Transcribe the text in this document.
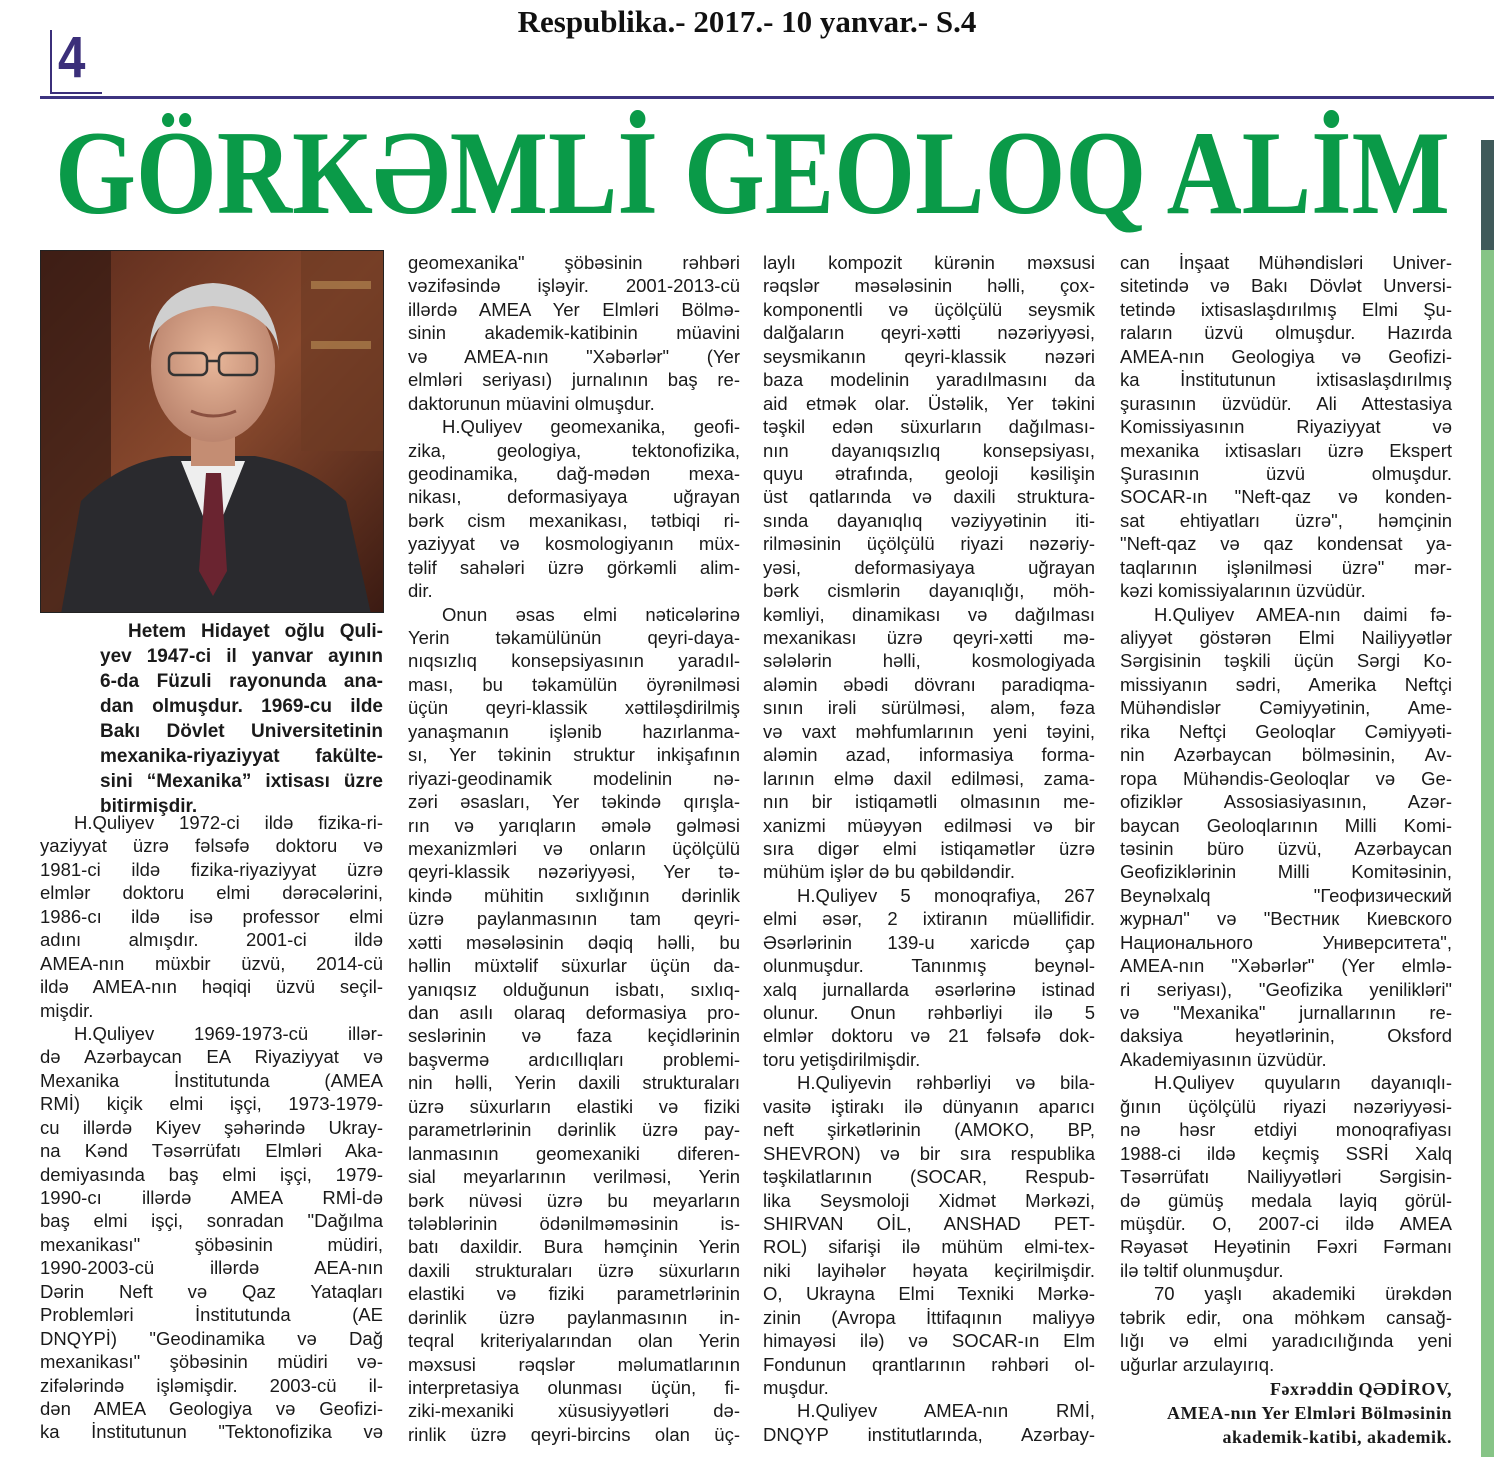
Respublika.- 2017.- 10 yanvar.- S.4
4
GÖRKƏMLİ GEOLOQ ALİM
Hetem Hidayet oğlu Quli-
yev 1947-ci il yanvar ayının
6-da Füzuli rayonunda ana-
dan olmuşdur. 1969-cu ilde
Bakı Dövlet Universitetinin
mexanika-riyaziyyat fakülte-
sini “Mexanika” ixtisası üzre
bitirmişdir.
H.Quliyev 1972-ci ildə fizika-ri-
yaziyyat üzrə fəlsəfə doktoru və
1981-ci ildə fizika-riyaziyyat üzrə
elmlər doktoru elmi dərəcələrini,
1986-cı ildə isə professor elmi
adını almışdır. 2001-ci ildə
AMEA-nın müxbir üzvü, 2014-cü
ildə AMEA-nın həqiqi üzvü seçil-
mişdir.
H.Quliyev 1969-1973-cü illər-
də Azərbaycan EA Riyaziyyat və
Mexanika İnstitutunda (AMEA
RMİ) kiçik elmi işçi, 1973-1979-
cu illərdə Kiyev şəhərində Ukray-
na Kənd Təsərrüfatı Elmləri Aka-
demiyasında baş elmi işçi, 1979-
1990-cı illərdə AMEA RMİ-də
baş elmi işçi, sonradan "Dağılma
mexanikası" şöbəsinin müdiri,
1990-2003-cü illərdə AEA-nın
Dərin Neft və Qaz Yataqları
Problemləri İnstitutunda (AE
DNQYPİ) "Geodinamika və Dağ
mexanikası" şöbəsinin müdiri və-
zifələrində işləmişdir. 2003-cü il-
dən AMEA Geologiya və Geofizi-
ka İnstitutunun "Tektonofizika və
geomexanika" şöbəsinin rəhbəri
vəzifəsində işləyir. 2001-2013-cü
illərdə AMEA Yer Elmləri Bölmə-
sinin akademik-katibinin müavini
və AMEA-nın "Xəbərlər" (Yer
elmləri seriyası) jurnalının baş re-
daktorunun müavini olmuşdur.
H.Quliyev geomexanika, geofi-
zika, geologiya, tektonofizika,
geodinamika, dağ-mədən mexa-
nikası, deformasiyaya uğrayan
bərk cism mexanikası, tətbiqi ri-
yaziyyat və kosmologiyanın müx-
təlif sahələri üzrə görkəmli alim-
dir.
Onun əsas elmi nəticələrinə
Yerin təkamülünün qeyri-daya-
nıqsızlıq konsepsiyasının yaradıl-
ması, bu təkamülün öyrənilməsi
üçün qeyri-klassik xəttiləşdirilmiş
yanaşmanın işlənib hazırlanma-
sı, Yer təkinin struktur inkişafının
riyazi-geodinamik modelinin nə-
zəri əsasları, Yer təkində qırışla-
rın və yarıqların əmələ gəlməsi
mexanizmləri və onların üçölçülü
qeyri-klassik nəzəriyyəsi, Yer tə-
kində mühitin sıxlığının dərinlik
üzrə paylanmasının tam qeyri-
xətti məsələsinin dəqiq həlli, bu
həllin müxtəlif süxurlar üçün da-
yanıqsız olduğunun isbatı, sıxlıq-
dan asılı olaraq deformasiya pro-
seslərinin və faza keçidlərinin
başvermə ardıcıllıqları problemi-
nin həlli, Yerin daxili strukturaları
üzrə süxurların elastiki və fiziki
parametrlərinin dərinlik üzrə pay-
lanmasının geomexaniki diferen-
sial meyarlarının verilməsi, Yerin
bərk nüvəsi üzrə bu meyarların
tələblərinin ödənilməməsinin is-
batı daxildir. Bura həmçinin Yerin
daxili strukturaları üzrə süxurların
elastiki və fiziki parametrlərinin
dərinlik üzrə paylanmasının in-
teqral kriteriyalarından olan Yerin
məxsusi rəqslər məlumatlarının
interpretasiya olunması üçün, fi-
ziki-mexaniki xüsusiyyətləri də-
rinlik üzrə qeyri-bircins olan üç-
laylı kompozit kürənin məxsusi
rəqslər məsələsinin həlli, çox-
komponentli və üçölçülü seysmik
dalğaların qeyri-xətti nəzəriyyəsi,
seysmikanın qeyri-klassik nəzəri
baza modelinin yaradılmasını da
aid etmək olar. Üstəlik, Yer təkini
təşkil edən süxurların dağılması-
nın dayanıqsızlıq konsepsiyası,
quyu ətrafında, geoloji kəsilişin
üst qatlarında və daxili struktura-
sında dayanıqlıq vəziyyətinin iti-
rilməsinin üçölçülü riyazi nəzəriy-
yəsi, deformasiyaya uğrayan
bərk cismlərin dayanıqlığı, möh-
kəmliyi, dinamikası və dağılması
mexanikası üzrə qeyri-xətti mə-
sələlərin həlli, kosmologiyada
aləmin əbədi dövranı paradiqma-
sının irəli sürülməsi, aləm, fəza
və vaxt məhfumlarının yeni təyini,
aləmin azad, informasiya forma-
larının elmə daxil edilməsi, zama-
nın bir istiqamətli olmasının me-
xanizmi müəyyən edilməsi və bir
sıra digər elmi istiqamətlər üzrə
mühüm işlər də bu qəbildəndir.
H.Quliyev 5 monoqrafiya, 267
elmi əsər, 2 ixtiranın müəllifidir.
Əsərlərinin 139-u xaricdə çap
olunmuşdur. Tanınmış beynəl-
xalq jurnallarda əsərlərinə istinad
olunur. Onun rəhbərliyi ilə 5
elmlər doktoru və 21 fəlsəfə dok-
toru yetişdirilmişdir.
H.Quliyevin rəhbərliyi və bila-
vasitə iştirakı ilə dünyanın aparıcı
neft şirkətlərinin (AMOKO, BP,
SHEVRON) və bir sıra respublika
təşkilatlarının (SOCAR, Respub-
lika Seysmoloji Xidmət Mərkəzi,
SHIRVAN OİL, ANSHAD PET-
ROL) sifarişi ilə mühüm elmi-tex-
niki layihələr həyata keçirilmişdir.
O, Ukrayna Elmi Texniki Mərkə-
zinin (Avropa İttifaqının maliyyə
himayəsi ilə) və SOCAR-ın Elm
Fondunun qrantlarının rəhbəri ol-
muşdur.
H.Quliyev AMEA-nın RMİ,
DNQYP institutlarında, Azərbay-
can İnşaat Mühəndisləri Univer-
sitetində və Bakı Dövlət Unversi-
tetində ixtisaslaşdırılmış Elmi Şu-
raların üzvü olmuşdur. Hazırda
AMEA-nın Geologiya və Geofizi-
ka İnstitutunun ixtisaslaşdırılmış
şurasının üzvüdür. Ali Attestasiya
Komissiyasının Riyaziyyat və
mexanika ixtisasları üzrə Ekspert
Şurasının üzvü olmuşdur.
SOCAR-ın "Neft-qaz və konden-
sat ehtiyatları üzrə", həmçinin
"Neft-qaz və qaz kondensat ya-
taqlarının işlənilməsi üzrə" mər-
kəzi komissiyalarının üzvüdür.
H.Quliyev AMEA-nın daimi fə-
aliyyət göstərən Elmi Nailiyyətlər
Sərgisinin təşkili üçün Sərgi Ko-
missiyanın sədri, Amerika Neftçi
Mühəndislər Cəmiyyətinin, Ame-
rika Neftçi Geoloqlar Cəmiyyəti-
nin Azərbaycan bölməsinin, Av-
ropa Mühəndis-Geoloqlar və Ge-
ofiziklər Assosiasiyasının, Azər-
baycan Geoloqlarının Milli Komi-
təsinin büro üzvü, Azərbaycan
Geofiziklərinin Milli Komitəsinin,
Beynəlxalq "Геофизический
журнал" və "Вестник Киевского
Национального Университета",
AMEA-nın "Xəbərlər" (Yer elmlə-
ri seriyası), "Geofizika yenilikləri"
və "Mexanika" jurnallarının re-
daksiya heyətlərinin, Oksford
Akademiyasının üzvüdür.
H.Quliyev quyuların dayanıqlı-
ğının üçölçülü riyazi nəzəriyyəsi-
nə həsr etdiyi monoqrafiyası
1988-ci ildə keçmiş SSRİ Xalq
Təsərrüfatı Nailiyyətləri Sərgisin-
də gümüş medala layiq görül-
müşdür. O, 2007-ci ildə AMEA
Rəyasət Heyətinin Fəxri Fərmanı
ilə təltif olunmuşdur.
70 yaşlı akademiki ürəkdən
təbrik edir, ona möhkəm cansağ-
lığı və elmi yaradıcılığında yeni
uğurlar arzulayırıq.
Fəxrəddin QƏDİROV,
AMEA-nın Yer Elmləri Bölməsinin
akademik-katibi, akademik.
